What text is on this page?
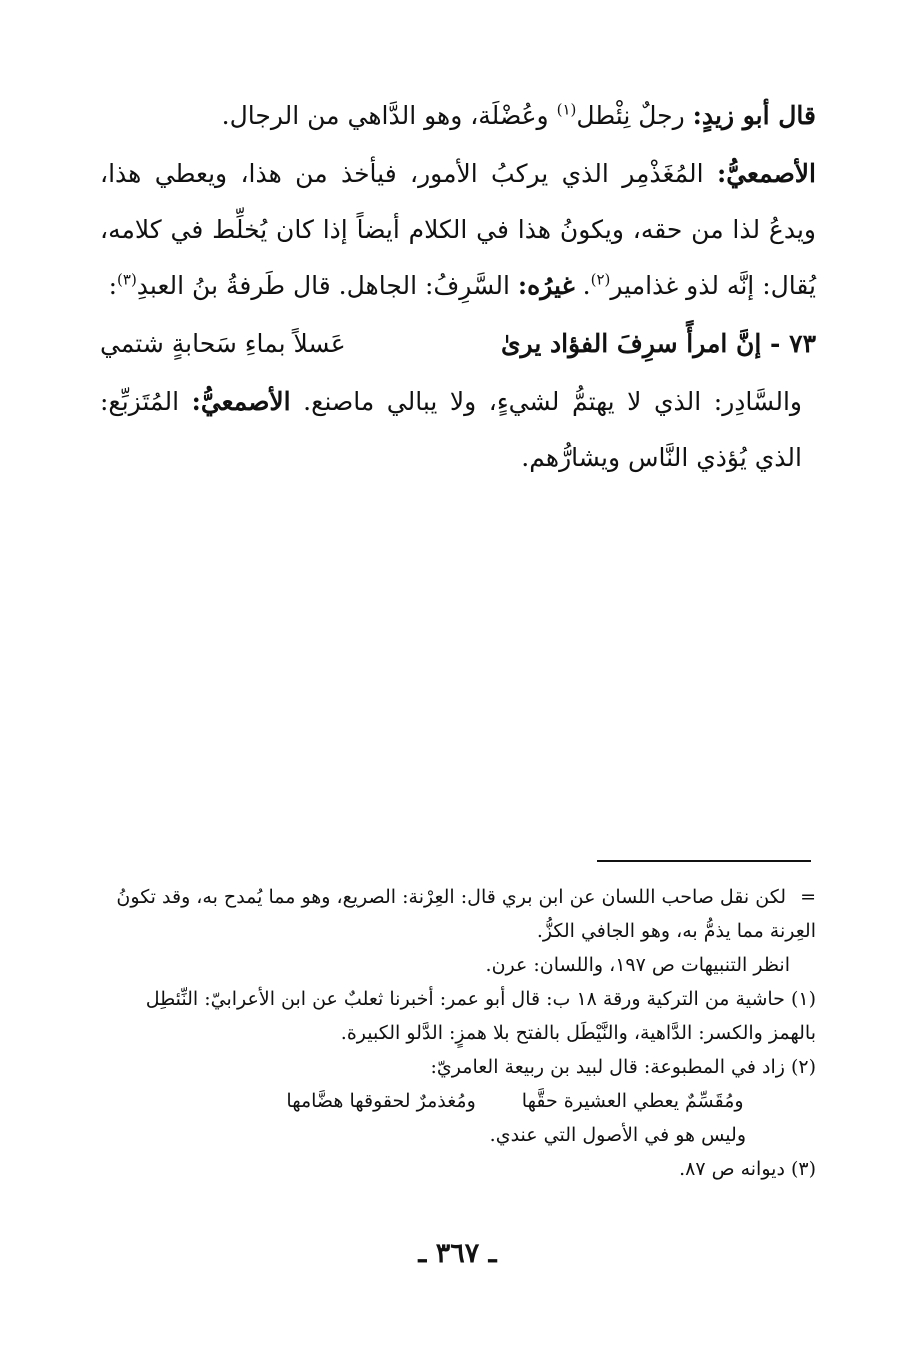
قال أبو زيدٍ: رجلٌ نِئْطل$^{(١)}$ وعُضْلَة، وهو الدَّاهي من الرجال.

الأصمعيُّ: المُغَذْمِر الذي يركبُ الأمور، فيأخذ من هذا، ويعطي هذا، ويدعُ لذا من حقه، ويكونُ هذا في الكلام أيضاً إذا كان يُخلِّط في كلامه، يُقال: إنَّه لذو غذامير$^{(٢)}$. غيرُه: السَّرِفُ: الجاهل. قال طَرفةُ بنُ العبدِ$^{(٣)}$:

٧٣ - إنَّ امرأً سرِفَ الفؤاد يرىٰ
عَسلاً بماءِ سَحابةٍ شتمي

والسَّادِر: الذي لا يهتمُّ لشيءٍ، ولا يبالي ماصنع. الأصمعيُّ: المُتَزبِّع: الذي يُؤذي النَّاس ويشارُّهم.

=لكن نقل صاحب اللسان عن ابن بري قال: العِرْنة: الصريع، وهو مما يُمدح به، وقد تكونُ العِرنة مما يذمُّ به، وهو الجافي الكزُّ.

انظر التنبيهات ص ١٩٧، واللسان: عرن.

(١) حاشية من التركية ورقة ١٨ ب: قال أبو عمر: أخبرنا ثعلبٌ عن ابن الأعرابيّ: النِّئطِل بالهمز والكسر: الدَّاهية، والنَّيْطَل بالفتح بلا همزٍ: الدَّلو الكبيرة.

(٢) زاد في المطبوعة: قال لبيد بن ربيعة العامريّ:

ومُقَسِّمٌ يعطي العشيرة حقَّها
ومُغذمرٌ لحقوقها هضَّامها

وليس هو في الأصول التي عندي.

(٣) ديوانه ص ٨٧.

ـ ٣٦٧ ـ
